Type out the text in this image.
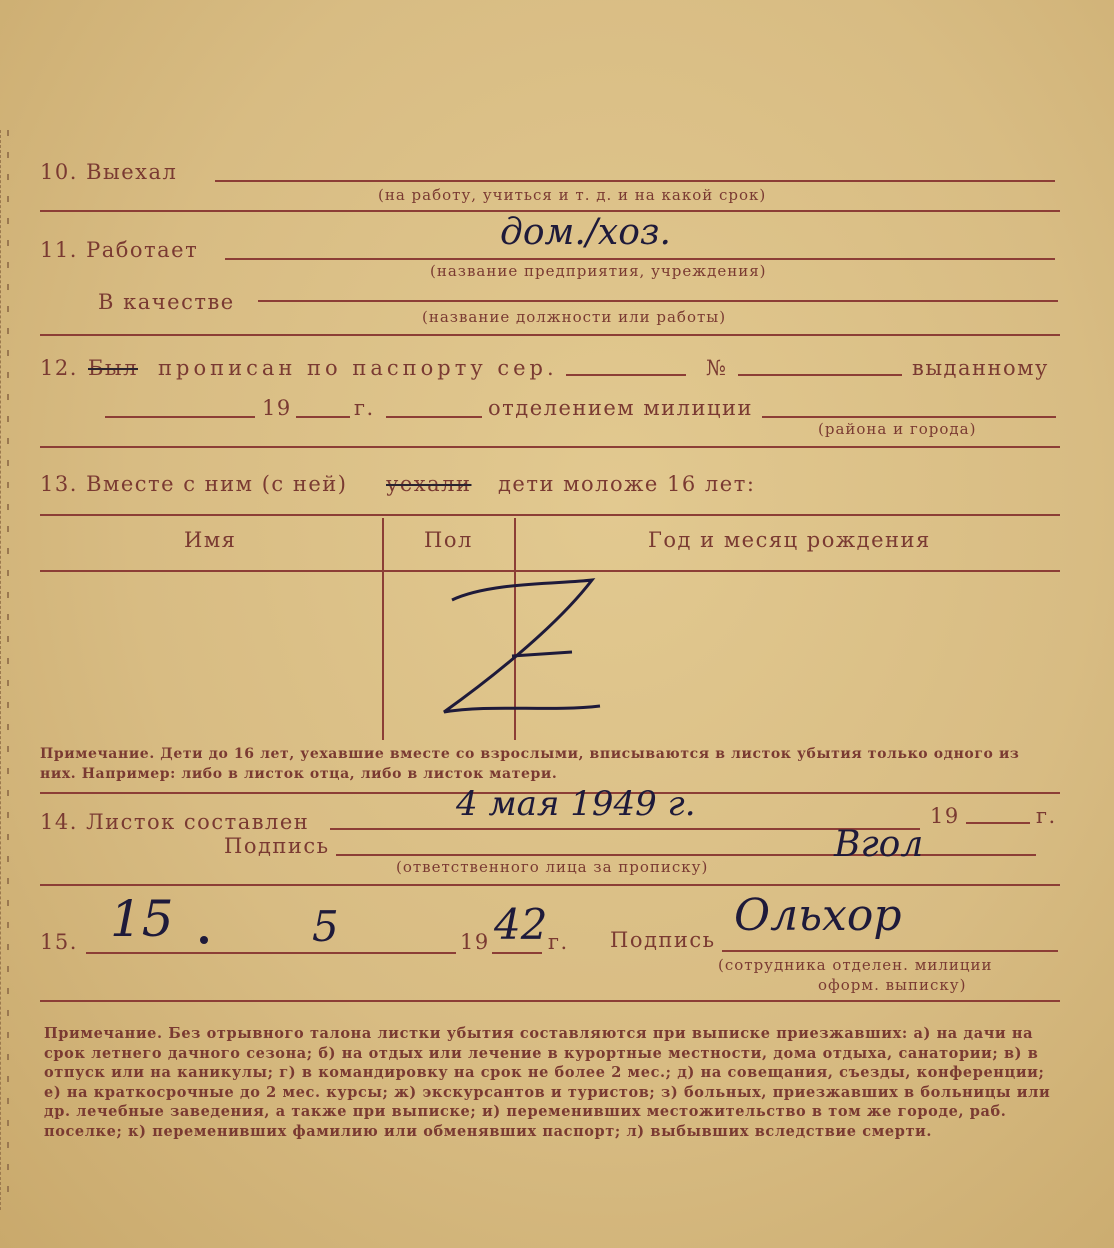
10. Выехал
(на работу, учиться и т. д. и на какой срок)
11. Работает	дом./хоз.
(название предприятия, учреждения)
В качестве
(название должности или работы)
12. Был прописан по паспорту сер.	№	выданному
19	г.	отделением милиции
(района и города)
13. Вместе с ним (с ней) уехали дети моложе 16 лет:
Имя	Пол	Год и месяц рождения
Примечание. Дети до 16 лет, уехавшие вместе со взрослыми, вписываются в листок убытия только одного из них. Например: либо в листок отца, либо в листок матери.
14. Листок составлен	4 мая 1949 г.	19	г.
Подпись
(ответственного лица за прописку)
Вгол
15. 15	5	19 42 г. Подпись Ольхор
(сотрудника отделен. милиции
оформ. выписку)
Примечание. Без отрывного талона листки убытия составляются при выписке приезжавших: а) на дачи на срок летнего дачного сезона; б) на отдых или лечение в курортные местности, дома отдыха, санатории; в) в отпуск или на каникулы; г) в командировку на срок не более 2 мес.; д) на совещания, съезды, конференции; е) на краткосрочные до 2 мес. курсы; ж) экскурсантов и туристов; з) больных, приезжавших в больницы или др. лечебные заведения, а также при выписке; и) переменивших местожительство в том же городе, раб. поселке; к) переменивших фамилию или обменявших паспорт; л) выбывших вследствие смерти.
